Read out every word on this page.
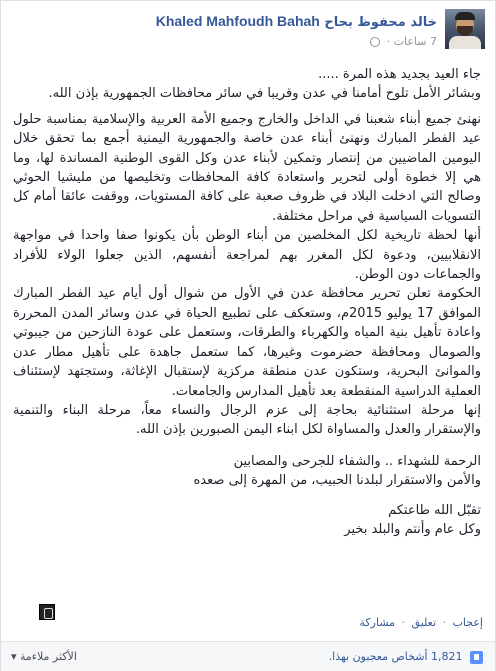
خالد محفوظ بحاح Khaled Mahfoudh Bahah
7 ساعات ·

جاء العيد بجديد هذه المرة .....

وبشائر الأمل تلوح أمامنا في عدن وقريبا في سائر محافظات الجمهورية بإذن الله.

نهنئ جميع أبناء شعبنا في الداخل والخارج وجميع الأمة العربية والإسلامية بمناسبة حلول عيد الفطر المبارك ونهنئ أبناء عدن خاصة والجمهورية اليمنية أجمع بما تحقق خلال اليومين الماضيين من إنتصار وتمكين لأبناء عدن وكل القوى الوطنية المساندة لها، وما هي إلا خطوة أولى لتحرير واستعادة كافة المحافظات وتخليصها من مليشيا الحوثي وصالح التي ادخلت البلاد في ظروف صعبة على كافة المستويات، ووقفت عائقا أمام كل التسويات السياسية في مراحل مختلفة.

أنها لحظة تاريخية لكل المخلصين من أبناء الوطن بأن يكونوا صفا واحدا في مواجهة الانقلابيين، ودعوة لكل المغرر بهم لمراجعة أنفسهم، الذين جعلوا الولاء للأفراد والجماعات دون الوطن.

الحكومة تعلن تحرير محافظة عدن في الأول من شوال أول أيام عيد الفطر المبارك الموافق 17 يوليو 2015م، وستعكف على تطبيع الحياة في عدن وسائر المدن المحررة واعادة تأهيل بنية المياه والكهرباء والطرقات، وستعمل على عودة النازحين من جيبوتي والصومال ومحافظة حضرموت وغيرها، كما ستعمل جاهدة على تأهيل مطار عدن والموانئ البحرية، وستكون عدن منطقة مركزية لإستقبال الإغاثة، وستجتهد لإستئناف العملية الدراسية المنقطعة بعد تأهيل المدارس والجامعات.

إنها مرحلة استثنائية بحاجة إلى عزم الرجال والنساء معاً، مرحلة البناء والتنمية والإستقرار والعدل والمساواة لكل ابناء اليمن الصبورين بإذن الله.

الرحمة للشهداء .. والشفاء للجرحى والمصابين

والأمن والاستقرار لبلدنا الحبيب، من المهرة إلى صعده

تقبّل الله طاعتكم

وكل عام وأنتم والبلد بخير

إعجاب · تعليق · مشاركة
1,821 أشخاص معجبون بهذا.
الأكثر ملاءمة ▾
